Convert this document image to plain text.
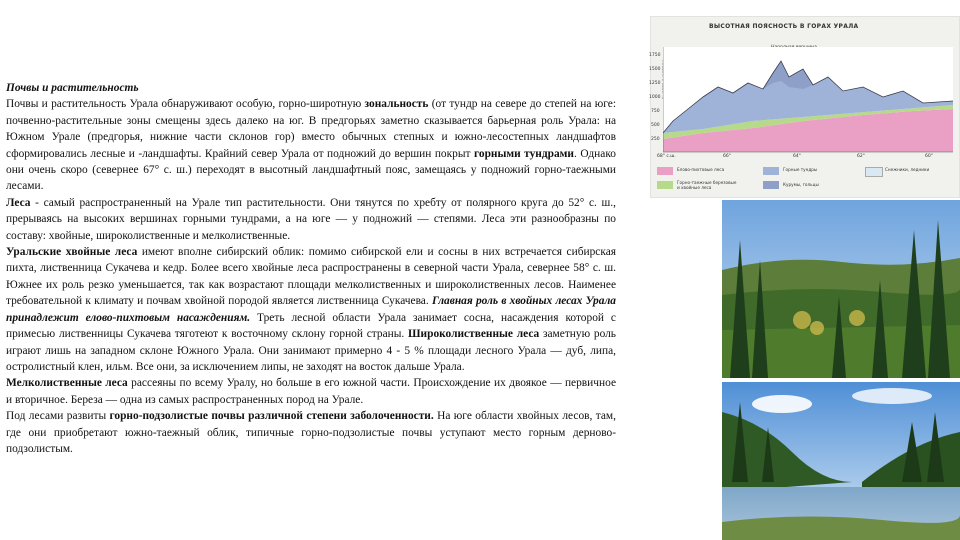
Почвы и растительность

Почвы и растительность Урала обнаруживают особую, горно-широтную зональность (от тундр на севере до степей на юге: почвенно-растительные зоны смещены здесь далеко на юг. В предгорьях заметно сказывается барьерная роль Урала: на Южном Урале (предгорья, нижние части склонов гор) вместо обычных степных и южно-лесостепных ландшафтов сформировались лесные и -ландшафты. Крайний север Урала от подножий до вершин покрыт горными тундрами. Однако они очень скоро (севернее 67° с. ш.) переходят в высотный ландшафтный пояс, замещаясь у подножий горно-таежными лесами.

Леса - самый распространенный на Урале тип растительности. Они тянутся по хребту от полярного круга до 52° с. ш., прерываясь на высоких вершинах горными тундрами, а на юге — у подножий — степями. Леса эти разнообразны по составу: хвойные, широколиственные и мелколиственные.

Уральские хвойные леса имеют вполне сибирский облик: помимо сибирской ели и сосны в них встречается сибирская пихта, лиственница Сукачева и кедр. Более всего хвойные леса распространены в северной части Урала, севернее 58° с. ш. Южнее их роль резко уменьшается, так как возрастают площади мелколиственных и широколиственных лесов. Наименее требовательной к климату и почвам хвойной породой является лиственница Сукачева. Главная роль в хвойных лесах Урала принадлежит елово-пихтовым насаждениям. Треть лесной области Урала занимает сосна, насаждения которой с примесью лиственницы Сукачева тяготеют к восточному склону горной страны. Широколиственные леса заметную роль играют лишь на западном склоне Южного Урала. Они занимают примерно 4 - 5 % площади лесного Урала — дуб, липа, остролистный клен, ильм. Все они, за исключением липы, не заходят на восток дальше Урала.

Мелколиственные леса рассеяны по всему Уралу, но больше в его южной части. Происхождение их двоякое — первичное и вторичное. Береза — одна из самых распространенных пород на Урале.

Под лесами развиты горно-подзолистые почвы различной степени заболоченности. На юге области хвойных лесов, там, где они приобретают южно-таежный облик, типичные горно-подзолистые почвы уступают место горным дерново-подзолистым.

ВЫСОТНАЯ ПОЯСНОСТЬ В ГОРАХ УРАЛА
1750
1500
1250
1000
750
500
250
68° с.ш.	66°	64°	62°	60°
Елово-пихтовые леса	Горные тундры	Снежники, ледники
Горно-таежные березовые и хвойные леса
Курумы, гольцы
